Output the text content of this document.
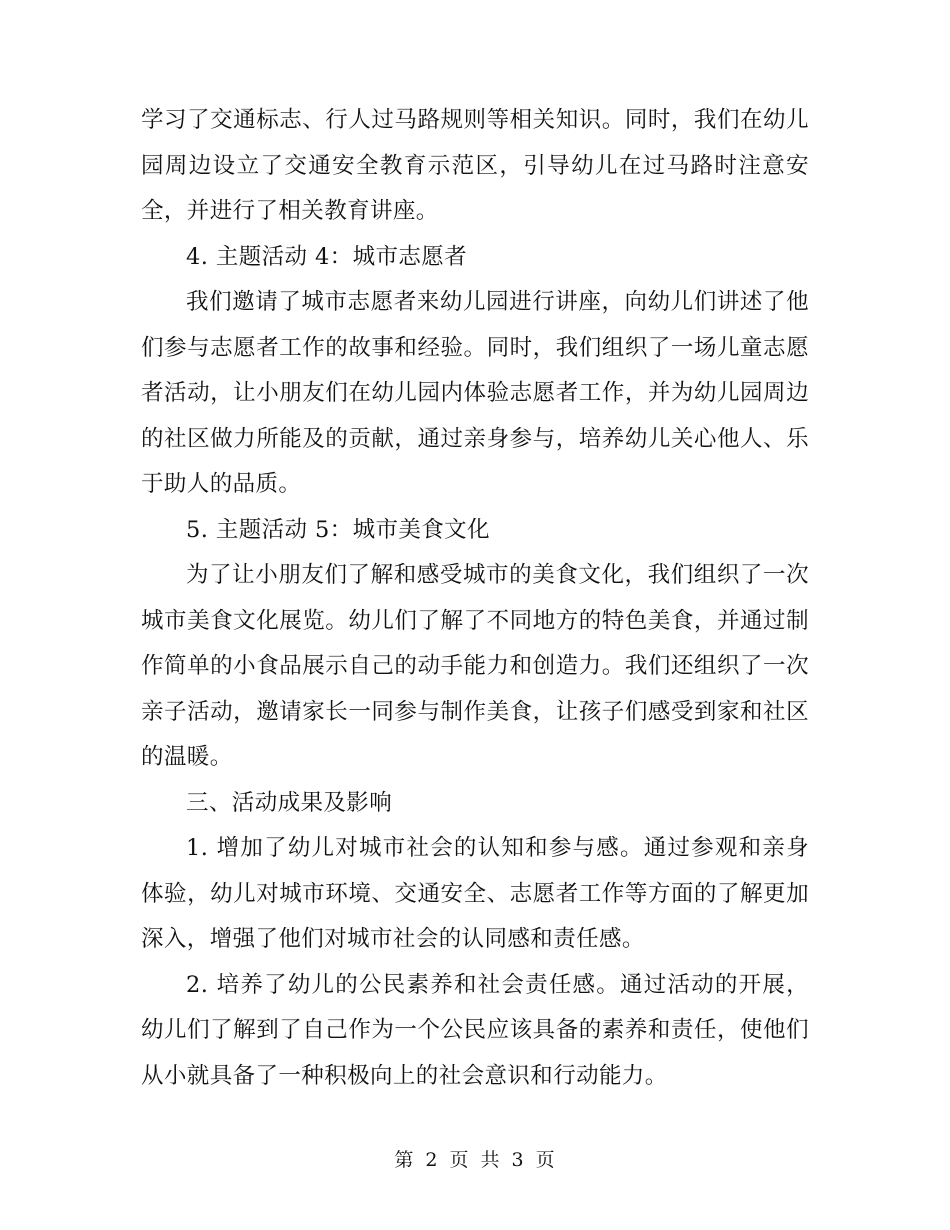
学习了交通标志、行人过马路规则等相关知识。同时，我们在幼儿园周边设立了交通安全教育示范区，引导幼儿在过马路时注意安全，并进行了相关教育讲座。

4. 主题活动 4：城市志愿者

我们邀请了城市志愿者来幼儿园进行讲座，向幼儿们讲述了他们参与志愿者工作的故事和经验。同时，我们组织了一场儿童志愿者活动，让小朋友们在幼儿园内体验志愿者工作，并为幼儿园周边的社区做力所能及的贡献，通过亲身参与，培养幼儿关心他人、乐于助人的品质。

5. 主题活动 5：城市美食文化

为了让小朋友们了解和感受城市的美食文化，我们组织了一次城市美食文化展览。幼儿们了解了不同地方的特色美食，并通过制作简单的小食品展示自己的动手能力和创造力。我们还组织了一次亲子活动，邀请家长一同参与制作美食，让孩子们感受到家和社区的温暖。

三、活动成果及影响

1. 增加了幼儿对城市社会的认知和参与感。通过参观和亲身体验，幼儿对城市环境、交通安全、志愿者工作等方面的了解更加深入，增强了他们对城市社会的认同感和责任感。

2. 培养了幼儿的公民素养和社会责任感。通过活动的开展，幼儿们了解到了自己作为一个公民应该具备的素养和责任，使他们从小就具备了一种积极向上的社会意识和行动能力。

第 2 页 共 3 页
